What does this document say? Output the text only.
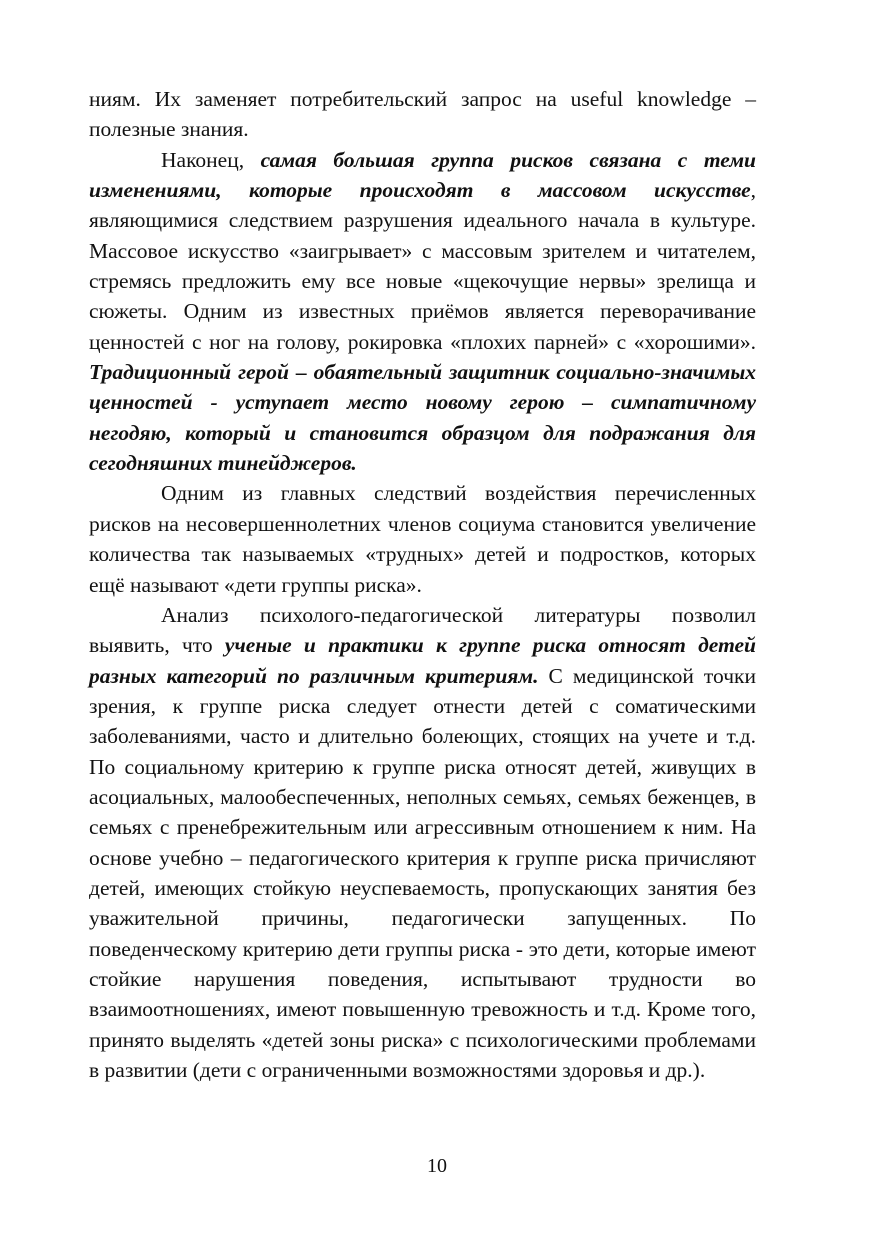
ниям. Их заменяет потребительский запрос на useful knowledge – полезные знания.

Наконец, самая большая группа рисков связана с теми изменениями, которые происходят в массовом искусстве, являющимися следствием разрушения идеального начала в культуре. Массовое искусство «заигрывает» с массовым зрителем и читателем, стремясь предложить ему все новые «щекочущие нервы» зрелища и сюжеты. Одним из известных приёмов является переворачивание ценностей с ног на голову, рокировка «плохих парней» с «хорошими». Традиционный герой – обаятельный защитник социально-значимых ценностей - уступает место новому герою – симпатичному негодяю, который и становится образцом для подражания для сегодняшних тинейджеров.

Одним из главных следствий воздействия перечисленных рисков на несовершеннолетних членов социума становится увеличение количества так называемых «трудных» детей и подростков, которых ещё называют «дети группы риска».

Анализ психолого-педагогической литературы позволил выявить, что ученые и практики к группе риска относят детей разных категорий по различным критериям. С медицинской точки зрения, к группе риска следует отнести детей с соматическими заболеваниями, часто и длительно болеющих, стоящих на учете и т.д. По социальному критерию к группе риска относят детей, живущих в асоциальных, малообеспеченных, неполных семьях, семьях беженцев, в семьях с пренебрежительным или агрессивным отношением к ним. На основе учебно – педагогического критерия к группе риска причисляют детей, имеющих стойкую неуспеваемость, пропускающих занятия без уважительной причины, педагогически запущенных. По поведенческому критерию дети группы риска - это дети, которые имеют стойкие нарушения поведения, испытывают трудности во взаимоотношениях, имеют повышенную тревожность и т.д. Кроме того, принято выделять «детей зоны риска» с психологическими проблемами в развитии (дети с ограниченными возможностями здоровья и др.).

10
